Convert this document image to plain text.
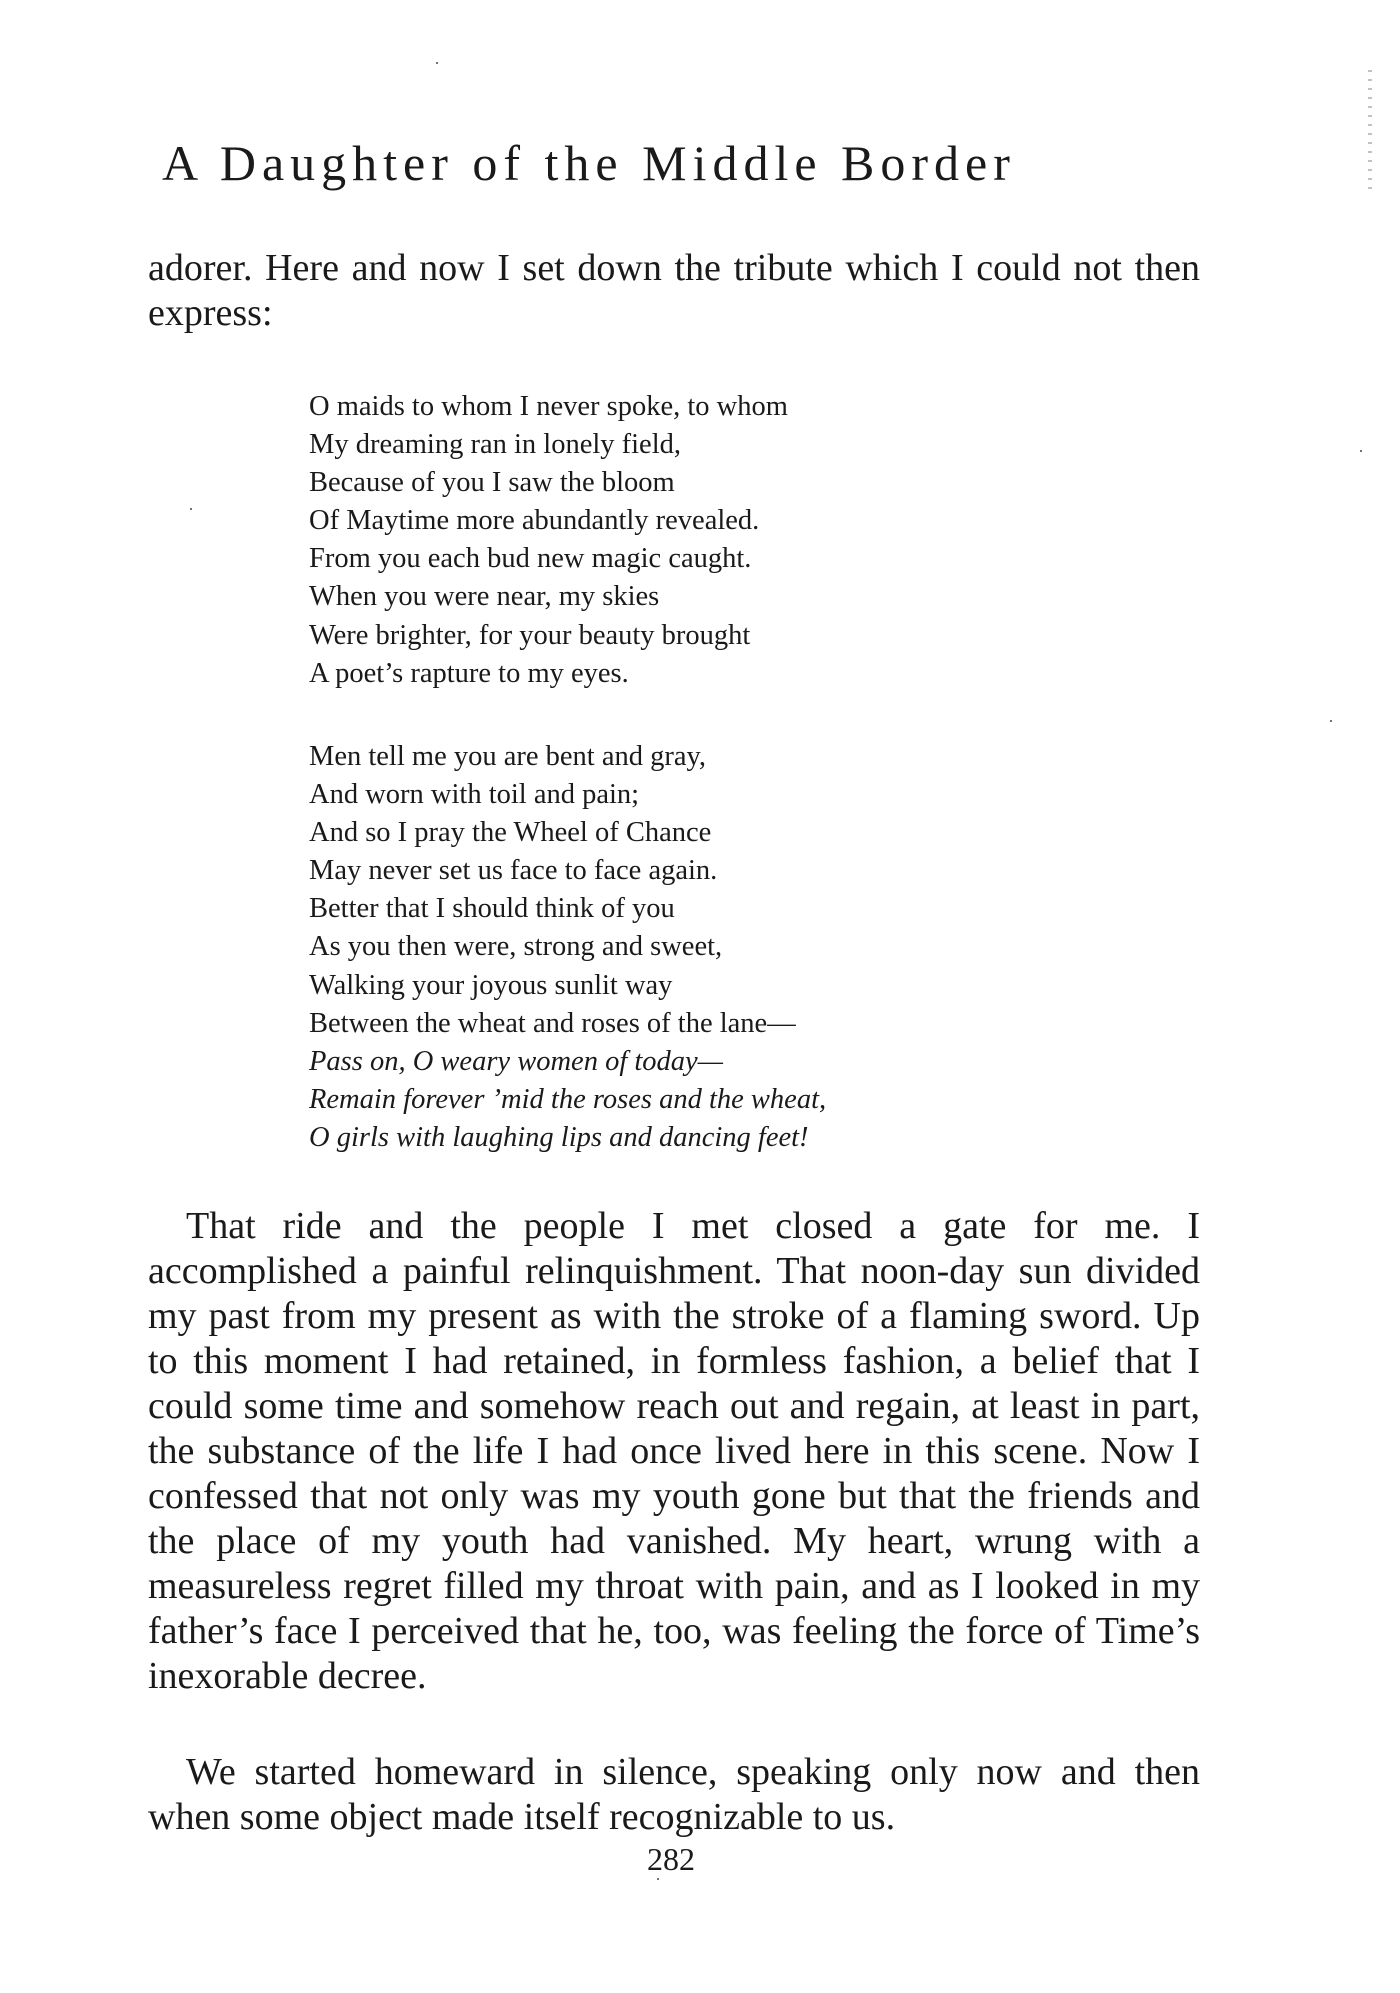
A Daughter of the Middle Border

adorer. Here and now I set down the tribute which I could not then express:

O maids to whom I never spoke, to whom
My dreaming ran in lonely field,
Because of you I saw the bloom
Of Maytime more abundantly revealed.
From you each bud new magic caught.
When you were near, my skies
Were brighter, for your beauty brought
A poet’s rapture to my eyes.
Men tell me you are bent and gray,
And worn with toil and pain;
And so I pray the Wheel of Chance
May never set us face to face again.
Better that I should think of you
As you then were, strong and sweet,
Walking your joyous sunlit way
Between the wheat and roses of the lane—
Pass on, O weary women of today—
Remain forever ’mid the roses and the wheat,
O girls with laughing lips and dancing feet!

That ride and the people I met closed a gate for me. I accomplished a painful relinquishment. That noon-day sun divided my past from my present as with the stroke of a flaming sword. Up to this moment I had retained, in formless fashion, a belief that I could some time and somehow reach out and regain, at least in part, the substance of the life I had once lived here in this scene. Now I confessed that not only was my youth gone but that the friends and the place of my youth had vanished. My heart, wrung with a measureless regret filled my throat with pain, and as I looked in my father’s face I perceived that he, too, was feeling the force of Time’s inexorable decree.

We started homeward in silence, speaking only now and then when some object made itself recognizable to us.

282
